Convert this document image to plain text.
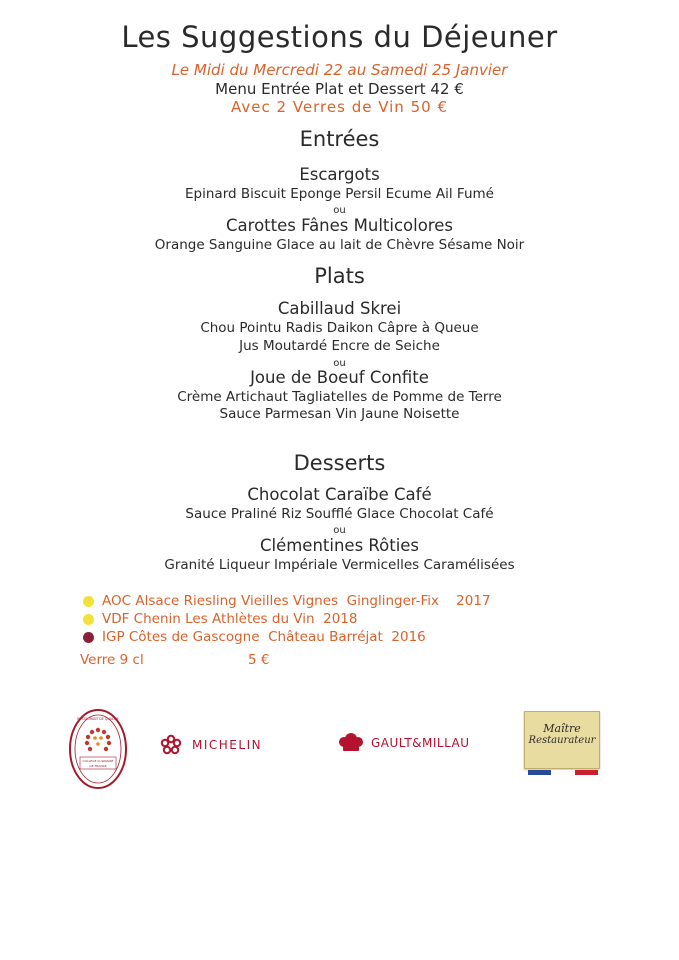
Les Suggestions du Déjeuner
Le Midi du Mercredi 22 au Samedi 25 Janvier
Menu Entrée Plat et Dessert 42 €
Avec 2 Verres de Vin 50 €
Entrées
Escargots
Epinard Biscuit Eponge Persil Ecume Ail Fumé
ou
Carottes Fânes Multicolores
Orange Sanguine Glace au lait de Chèvre Sésame Noir
Plats
Cabillaud Skrei
Chou Pointu Radis Daikon Câpre à Queue
Jus Moutardé Encre de Seiche
ou
Joue de Boeuf Confite
Crème Artichaut Tagliatelles de Pomme de Terre
Sauce Parmesan Vin Jaune Noisette
Desserts
Chocolat Caraïbe Café
Sauce Praliné Riz Soufflé Glace Chocolat Café
ou
Clémentines Rôties
Granité Liqueur Impériale Vermicelles Caramélisées
AOC Alsace Riesling Vieilles Vignes  Ginglinger-Fix    2017
VDF Chenin Les Athlètes du Vin  2018
IGP Côtes de Gascogne  Château Barréjat  2016
Verre 9 cl	5 €
COLLEGE CULINAIRE
DE FRANCE
RESTAURANT DE QUALITE
MICHELIN	GAULT&MILLAU
Maître
Restaurateur
